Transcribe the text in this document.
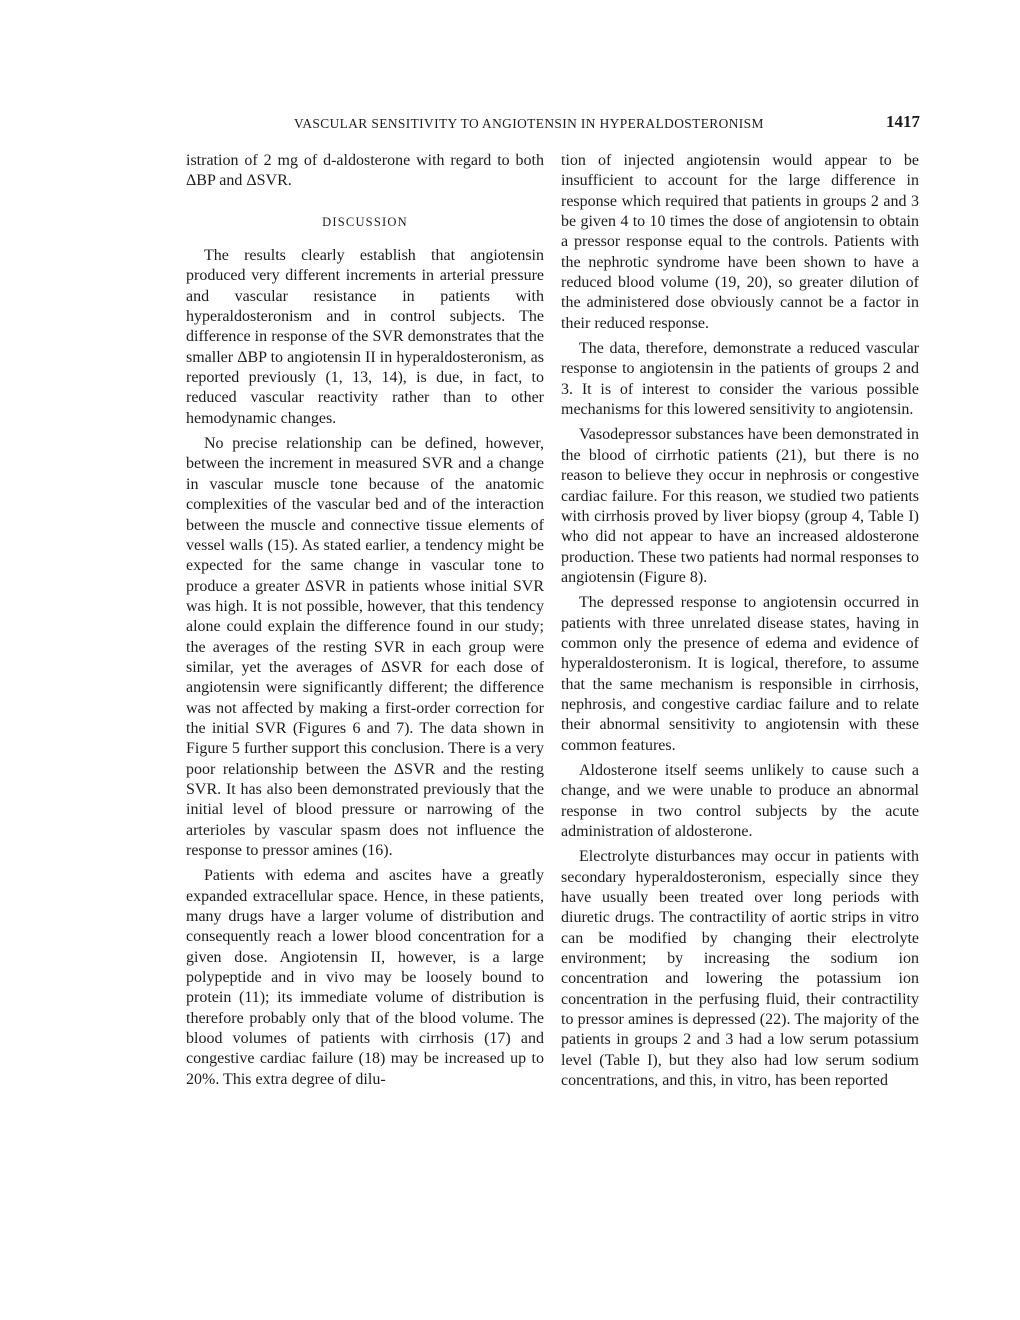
VASCULAR SENSITIVITY TO ANGIOTENSIN IN HYPERALDOSTERONISM	1417

istration of 2 mg of d-aldosterone with regard to both ΔBP and ΔSVR.

DISCUSSION

The results clearly establish that angiotensin produced very different increments in arterial pressure and vascular resistance in patients with hyperaldosteronism and in control subjects. The difference in response of the SVR demonstrates that the smaller ΔBP to angiotensin II in hyperaldosteronism, as reported previously (1, 13, 14), is due, in fact, to reduced vascular reactivity rather than to other hemodynamic changes.

No precise relationship can be defined, however, between the increment in measured SVR and a change in vascular muscle tone because of the anatomic complexities of the vascular bed and of the interaction between the muscle and connective tissue elements of vessel walls (15). As stated earlier, a tendency might be expected for the same change in vascular tone to produce a greater ΔSVR in patients whose initial SVR was high. It is not possible, however, that this tendency alone could explain the difference found in our study; the averages of the resting SVR in each group were similar, yet the averages of ΔSVR for each dose of angiotensin were significantly different; the difference was not affected by making a first-order correction for the initial SVR (Figures 6 and 7). The data shown in Figure 5 further support this conclusion. There is a very poor relationship between the ΔSVR and the resting SVR. It has also been demonstrated previously that the initial level of blood pressure or narrowing of the arterioles by vascular spasm does not influence the response to pressor amines (16).

Patients with edema and ascites have a greatly expanded extracellular space. Hence, in these patients, many drugs have a larger volume of distribution and consequently reach a lower blood concentration for a given dose. Angiotensin II, however, is a large polypeptide and in vivo may be loosely bound to protein (11); its immediate volume of distribution is therefore probably only that of the blood volume. The blood volumes of patients with cirrhosis (17) and congestive cardiac failure (18) may be increased up to 20%. This extra degree of dilu-

tion of injected angiotensin would appear to be insufficient to account for the large difference in response which required that patients in groups 2 and 3 be given 4 to 10 times the dose of angiotensin to obtain a pressor response equal to the controls. Patients with the nephrotic syndrome have been shown to have a reduced blood volume (19, 20), so greater dilution of the administered dose obviously cannot be a factor in their reduced response.

The data, therefore, demonstrate a reduced vascular response to angiotensin in the patients of groups 2 and 3. It is of interest to consider the various possible mechanisms for this lowered sensitivity to angiotensin.

Vasodepressor substances have been demonstrated in the blood of cirrhotic patients (21), but there is no reason to believe they occur in nephrosis or congestive cardiac failure. For this reason, we studied two patients with cirrhosis proved by liver biopsy (group 4, Table I) who did not appear to have an increased aldosterone production. These two patients had normal responses to angiotensin (Figure 8).

The depressed response to angiotensin occurred in patients with three unrelated disease states, having in common only the presence of edema and evidence of hyperaldosteronism. It is logical, therefore, to assume that the same mechanism is responsible in cirrhosis, nephrosis, and congestive cardiac failure and to relate their abnormal sensitivity to angiotensin with these common features.

Aldosterone itself seems unlikely to cause such a change, and we were unable to produce an abnormal response in two control subjects by the acute administration of aldosterone.

Electrolyte disturbances may occur in patients with secondary hyperaldosteronism, especially since they have usually been treated over long periods with diuretic drugs. The contractility of aortic strips in vitro can be modified by changing their electrolyte environment; by increasing the sodium ion concentration and lowering the potassium ion concentration in the perfusing fluid, their contractility to pressor amines is depressed (22). The majority of the patients in groups 2 and 3 had a low serum potassium level (Table I), but they also had low serum sodium concentrations, and this, in vitro, has been reported
